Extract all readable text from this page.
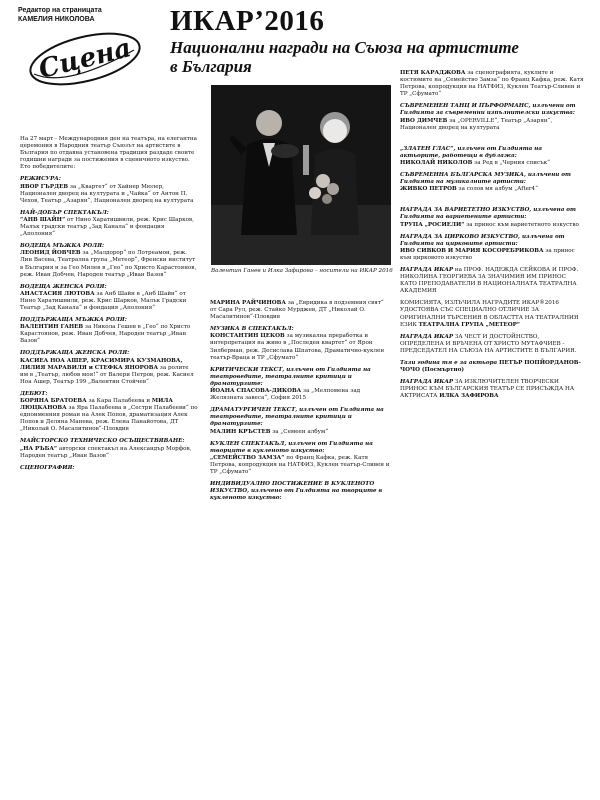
Редактор на страницата
КАМЕЛИЯ НИКОЛОВА
Сцена
ИКАР’2016
Национални награди на Съюза на артистите
в България
Валентин Ганев и Илка Зафирова – носители на ИКАР 2016

На 27 март - Международния ден на театъра, на елегантна церемония в Народния театър Съюзът на артистите в България по отдавна установена традиция раздаде своите годишни награди за постижения в сценичното изкуство. Ето победителите:

РЕЖИСУРА:
ЯВОР ГЪРДЕВ за „Квартет“ от Хайнер Мюлер, Национален дворец на културата и „Чайка“ от Антон П. Чехов, Театър „Азарян“, Национален дворец на културата

НАЙ-ДОБЪР СПЕКТАКЪЛ:
“АНВ ШАЙН” от Нино Харатишвили, реж. Крис Шарков, Малък градски театър „Зад Канала“ и фондация „Аполония“

ВОДЕЩА МЪЖКА РОЛЯ:
ЛЕОНИД ЙОВЧЕВ за „Малдорор“ по Лотреамон, реж. Лин Васева, Театрална група „Метеор“, Френски институт в България и за Гео Милев в „Гео“ по Христо Карастоянов, реж. Иван Добчев, Народен театър „Иван Вазов“

ВОДЕЩА ЖЕНСКА РОЛЯ:
АНАСТАСИЯ ЛЮТОВА за Анб Шайн в „Анб Шайн“ от Нино Харатишвили, реж. Крис Шарков, Малък Градски Театър „Зад Канала“ и фондация „Аполония“

ПОДДЪРЖАЩА МЪЖКА РОЛЯ:
ВАЛЕНТИН ГАНЕВ за Никола Гешев в „Гео“ по Христо Карастоянов, реж. Иван Добчев, Народен театър „Иван Вазов“

ПОДДЪРЖАЩА ЖЕНСКА РОЛЯ:
КАСИЕА НОА АШЕР, КРАСИМИРА КУЗМАНОВА, ЛИЛИЯ МАРАВИЛЯ и СТЕФКА ЯНОРОВА за ролите им в „Театър, любов моя!“ от Валери Петров, реж. Касиел Ноа Ашер, Театър 199 „Валентин Стойчев“

ДЕБЮТ:
БОРЯНА БРАТОЕВА за Кара Палабеева и МИЛА ЛЮЦКАНОВА за Яра Палабеева в „Сестри Палабееви“ по едноименния роман на Алек Попов, драматизация Алек Попов и Деляна Манева, реж. Елена Панайотова, ДТ „Николай О. Масалитинов“-Пловдив

МАЙСТОРСКО ТЕХНИЧЕСКО ОСЪЩЕСТВЯВАНЕ:
„НА РЪБА“ авторски спектакъл на Александър Морфов, Народен театър „Иван Вазов“

СЦЕНОГРАФИЯ:

МАРИНА РАЙЧИНОВА за „Евридика в подземния свят“ от Сара Рул, реж. Стайко Мурджев, ДТ „Николай О. Масалитинов“-Пловдив

МУЗИКА В СПЕКТАКЪЛ:
КОНСТАНТИН ЦЕКОВ за музикална преработка и интерпретация на живо в „Последен квартет“ от Ярон Зилберман, реж. Десислава Шпатова, Драматично-куклен театър-Враца и ТР „Сфумато“

КРИТИЧЕСКИ ТЕКСТ, излъчен от Гилдията на театроведите, театралните критици и драматурзите:
ЙОАНА СПАСОВА-ДИКОВА за „Мелпомена зад Желязната завеса“, София 2015

ДРАМАТУРГИЧЕН ТЕКСТ, излъчен от Гилдията на театроведите, театралните критици и драматурзите:
МАЛИН КРЪСТЕВ за „Семеен албум“

КУКЛЕН СПЕКТАКЪЛ, излъчен от Гилдията на творците в кукленото изкуство:
„СЕМЕЙСТВО ЗАМЗА“ по Франц Кафка, реж. Катя Петрова, копродукция на НАТФИЗ, Куклен театър-Сливен и ТР „Сфумато“

ИНДИВИДУАЛНО ПОСТИЖЕНИЕ В КУКЛЕНОТО ИЗКУСТВО, излъчено от Гилдията на творците в кукленото изкуство:

ПЕТЯ КАРАДЖОВА за сценографията, куклите и костюмите на „Семейство Замза“ по Франц Кафка, реж. Катя Петрова, копродукция на НАТФИЗ, Куклен Театър-Сливен и ТР „Сфумато“

СЪВРЕМЕНЕН ТАНЦ И ПЪРФОРМАНС, излъчени от Гилдията за съвременни изпълнителски изкуства:
ИВО ДИМЧЕВ за „OPERVILLE“, Театър „Азарян“, Национален дворец на културата

„ЗЛАТЕН ГЛАС“, излъчен от Гилдията на актьорите, работещи в дублажа:
НИКОЛАЙ НИКОЛОВ за Ред в „Черния списък“

СЪВРЕМЕННА БЪЛГАРСКА МУЗИКА, излъчени от Гилдията на музикалните артисти:
ЖИВКО ПЕТРОВ за солов мя албум „After4“

НАГРАДА ЗА ВАРИЕТЕТНО ИЗКУСТВО, излъчена от Гилдията на вариетените артисти:
ТРУПА „РОСИЕЛИ“ за принос към вариететното изкуство

НАГРАДА ЗА ЦИРКОВО ИЗКУСТВО, излъчена от Гилдията на цирковите артисти:
ИВО СИВКОВ И МАРИЯ КОСОРЕБРИКОВА за принос към цирковото изкуство

НАГРАДА ИКАР на ПРОФ. НАДЕЖДА СЕЙКОВА И ПРОФ. НИКОЛИНА ГЕОРГИЕВА ЗА ЗНАЧИМИЯ ИМ ПРИНОС КАТО ПРЕПОДАВАТЕЛИ В НАЦИОНАЛНАТА ТЕАТРАЛНА АКАДЕМИЯ

КОМИСИЯТА, ИЗЛЪЧИЛА НАГРАДИТЕ ИКАР®2016 УДОСТОЯВА СЪС СПЕЦИАЛНО ОТЛИЧИЕ ЗА ОРИГИНАЛНИ ТЪРСЕНИЯ В ОБЛАСТТА НА ТЕАТРАЛНИЯ ЕЗИК ТЕАТРАЛНА ГРУПА „МЕТЕОР“

НАГРАДА ИКАР ЗА ЧЕСТ И ДОСТОЙНСТВО, ОПРЕДЕЛЕНА И ВРЪЧЕНА ОТ ХРИСТО МУТАФЧИЕВ - ПРЕДСЕДАТЕЛ НА СЪЮЗА НА АРТИСТИТЕ В БЪЛГАРИЯ.

Тази година тя е за актьора ПЕТЪР ПОПЙОРДАНОВ-ЧОЧО (Посмъртно)

НАГРАДА ИКАР ЗА ИЗКЛЮЧИТЕЛЕН ТВОРЧЕСКИ ПРИНОС КЪМ БЪЛГАРСКИЯ ТЕАТЪР СЕ ПРИСЪЖДА НА АКТРИСАТА ИЛКА ЗАФИРОВА
